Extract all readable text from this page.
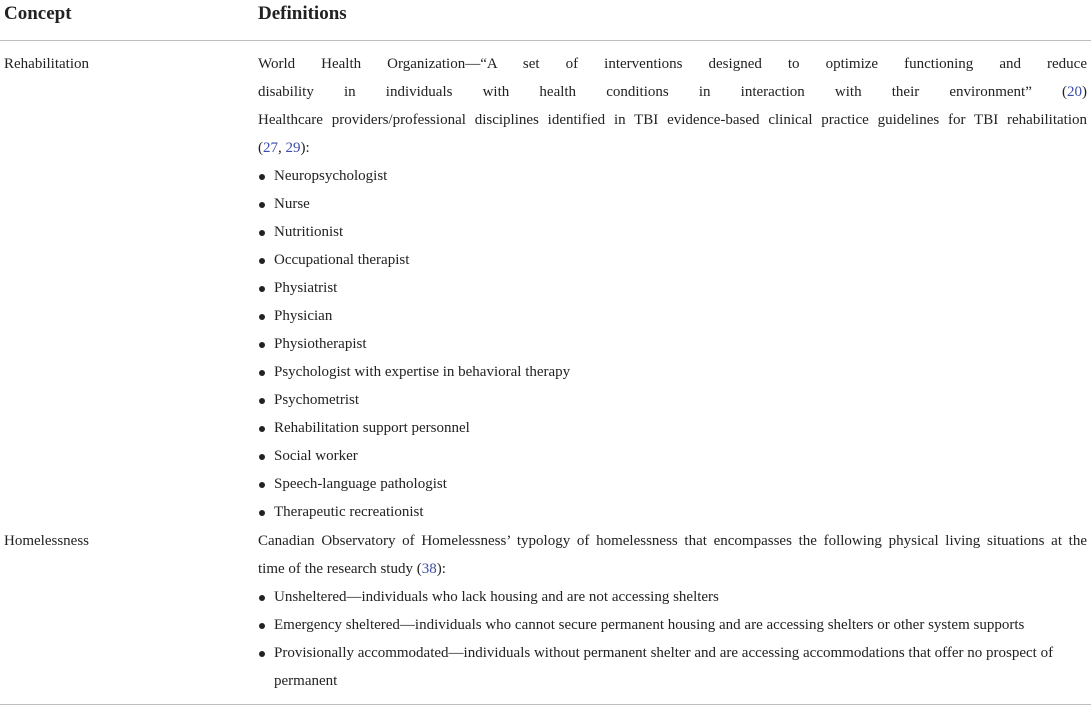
Concept	Definitions
Rehabilitation	World Health Organization—“A set of interventions designed to optimize functioning and reduce
disability in individuals with health conditions in interaction with their environment” (20)
Healthcare providers/professional disciplines identified in TBI evidence-based clinical practice guidelines for TBI rehabilitation
(27, 29):
Neuropsychologist
Nurse
Nutritionist
Occupational therapist
Physiatrist
Physician
Physiotherapist
Psychologist with expertise in behavioral therapy
Psychometrist
Rehabilitation support personnel
Social worker
Speech-language pathologist
Therapeutic recreationist
Homelessness	Canadian Observatory of Homelessness’ typology of homelessness that encompasses the following physical living situations at the
time of the research study (38):
Unsheltered—individuals who lack housing and are not accessing shelters
Emergency sheltered—individuals who cannot secure permanent housing and are accessing shelters or other system supports
Provisionally accommodated—individuals without permanent shelter and are accessing accommodations that offer no prospect of permanent
